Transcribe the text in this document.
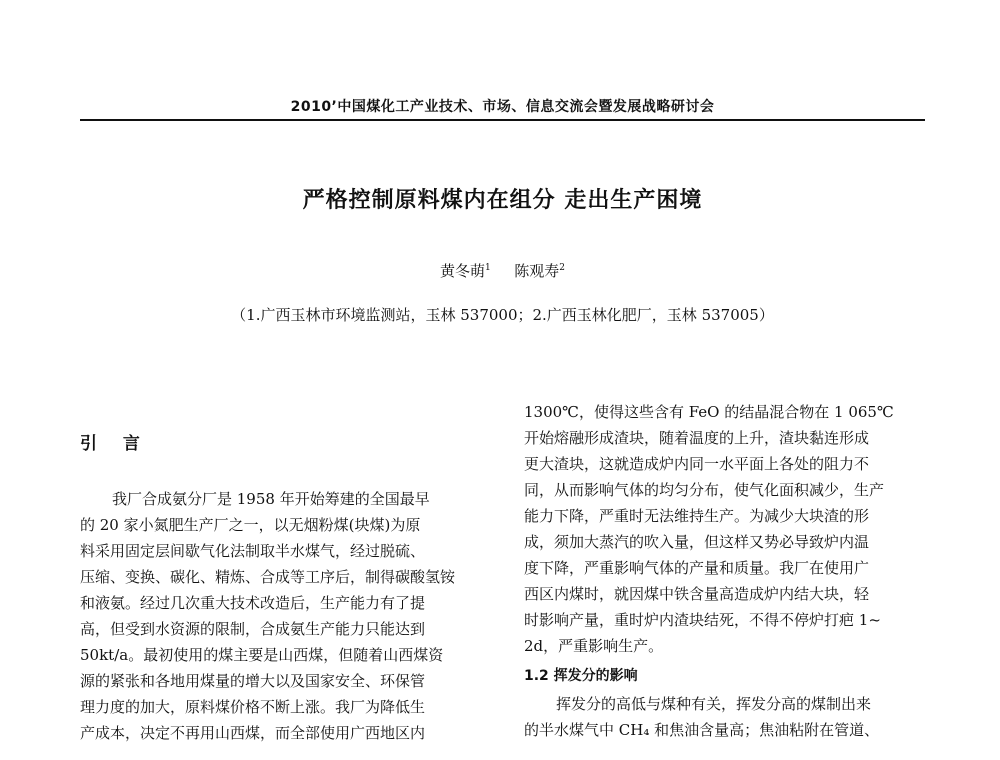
2010’中国煤化工产业技术、市场、信息交流会暨发展战略研讨会
严格控制原料煤内在组分 走出生产困境
黄冬萌$^1$ 陈观寿$^2$
（1.广西玉林市环境监测站，玉林 537000；2.广西玉林化肥厂，玉林 537005）
引 言
我厂合成氨分厂是 1958 年开始筹建的全国最早
的 20 家小氮肥生产厂之一，以无烟粉煤(块煤)为原
料采用固定层间歇气化法制取半水煤气，经过脱硫、
压缩、变换、碳化、精炼、合成等工序后，制得碳酸氢铵
和液氨。经过几次重大技术改造后，生产能力有了提
高，但受到水资源的限制，合成氨生产能力只能达到
50kt/a。最初使用的煤主要是山西煤，但随着山西煤资
源的紧张和各地用煤量的增大以及国家安全、环保管
理力度的加大，原料煤价格不断上涨。我厂为降低生
产成本，决定不再用山西煤，而全部使用广西地区内
1300℃，使得这些含有 FeO 的结晶混合物在 1 065℃
开始熔融形成渣块，随着温度的上升，渣块黏连形成
更大渣块，这就造成炉内同一水平面上各处的阻力不
同，从而影响气体的均匀分布，使气化面积减少，生产
能力下降，严重时无法维持生产。为减少大块渣的形
成，须加大蒸汽的吹入量，但这样又势必导致炉内温
度下降，严重影响气体的产量和质量。我厂在使用广
西区内煤时，就因煤中铁含量高造成炉内结大块，轻
时影响产量，重时炉内渣块结死，不得不停炉打疤 1~
2d，严重影响生产。
1.2 挥发分的影响
挥发分的高低与煤种有关，挥发分高的煤制出来
的半水煤气中 CH₄ 和焦油含量高；焦油粘附在管道、
